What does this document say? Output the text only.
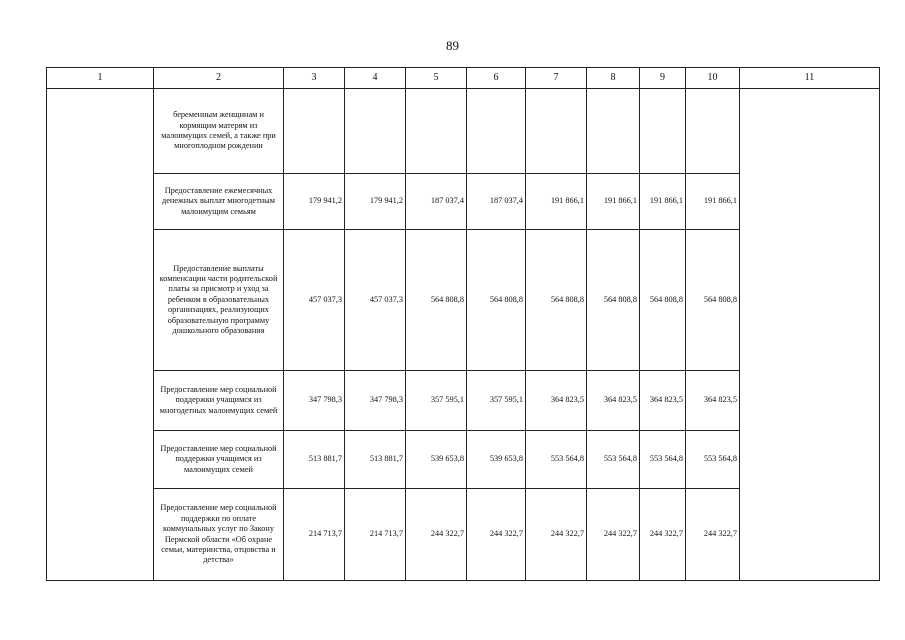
89
1	2	3	4	5	6	7	8	9	10	11
	беременным женщинам и кормящим матерям из малоимущих семей, а также при многоплодном рождении									
	Предоставление ежемесячных денежных выплат многодетным малоимущим семьям	179 941,2	179 941,2	187 037,4	187 037,4	191 866,1	191 866,1	191 866,1	191 866,1	
	Предоставление выплаты компенсации части родительской платы за присмотр и уход за ребенком в образовательных организациях, реализующих образовательную программу дошкольного образования	457 037,3	457 037,3	564 808,8	564 808,8	564 808,8	564 808,8	564 808,8	564 808,8	
	Предоставление мер социальной поддержки учащимся из многодетных малоимущих семей	347 798,3	347 798,3	357 595,1	357 595,1	364 823,5	364 823,5	364 823,5	364 823,5	
	Предоставление мер социальной поддержки учащимся из малоимущих семей	513 881,7	513 881,7	539 653,8	539 653,8	553 564,8	553 564,8	553 564,8	553 564,8	
	Предоставление мер социальной поддержки по оплате коммунальных услуг по Закону Пермской области «Об охране семьи, материнства, отцовства и детства»	214 713,7	214 713,7	244 322,7	244 322,7	244 322,7	244 322,7	244 322,7	244 322,7	
